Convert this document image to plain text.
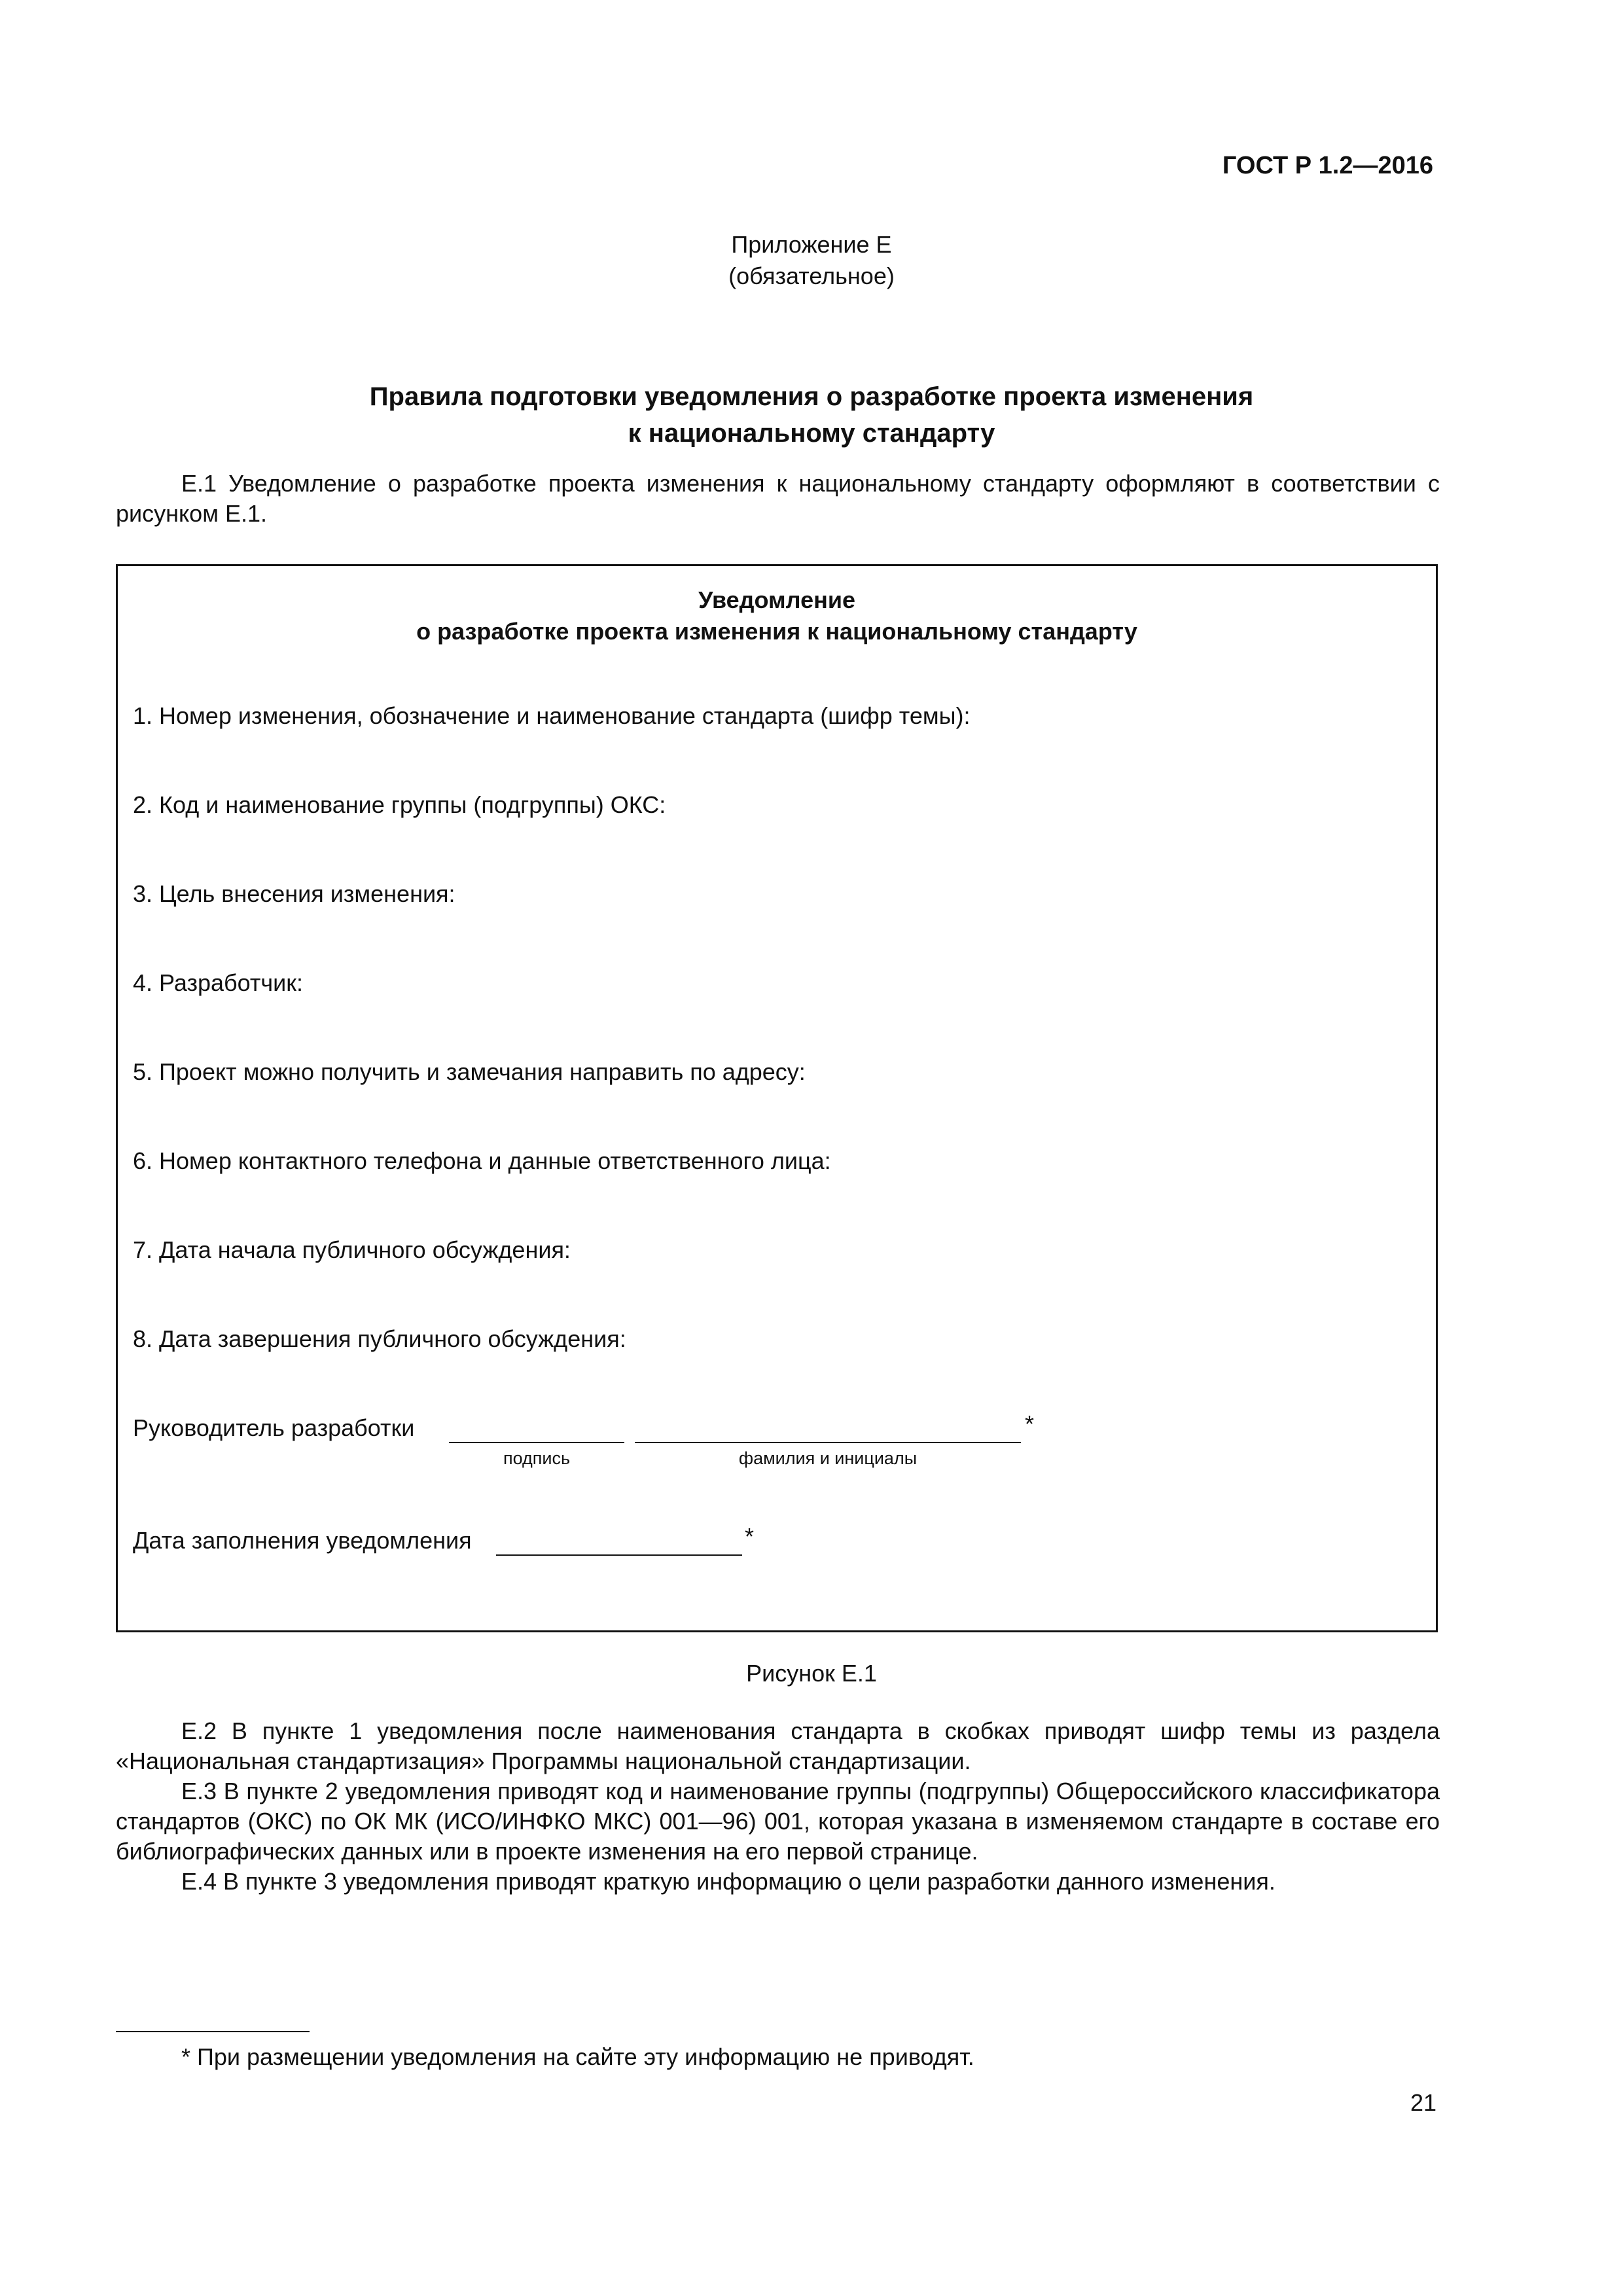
ГОСТ Р 1.2—2016
Приложение Е
(обязательное)
Правила подготовки уведомления о разработке проекта изменения
к национальному стандарту
Е.1 Уведомление о разработке проекта изменения к национальному стандарту оформляют в соответствии с рисунком Е.1.
Уведомление
о разработке проекта изменения к национальному стандарту
1. Номер изменения, обозначение и наименование стандарта (шифр темы):
2. Код и наименование группы (подгруппы) ОКС:
3. Цель внесения изменения:
4. Разработчик:
5. Проект можно получить и замечания направить по адресу:
6. Номер контактного телефона и данные ответственного лица:
7. Дата начала публичного обсуждения:
8. Дата завершения публичного обсуждения:
Руководитель разработки	*
подпись	фамилия и инициалы
Дата заполнения уведомления	*
Рисунок Е.1
Е.2 В пункте 1 уведомления после наименования стандарта в скобках приводят шифр темы из раздела «Национальная стандартизация» Программы национальной стандартизации.
Е.3 В пункте 2 уведомления приводят код и наименование группы (подгруппы) Общероссийского классификатора стандартов (ОКС) по ОК МК (ИСО/ИНФКО МКС) 001—96) 001, которая указана в изменяемом стандарте в составе его библиографических данных или в проекте изменения на его первой странице.
Е.4 В пункте 3 уведомления приводят краткую информацию о цели разработки данного изменения.
* При размещении уведомления на сайте эту информацию не приводят.
21
